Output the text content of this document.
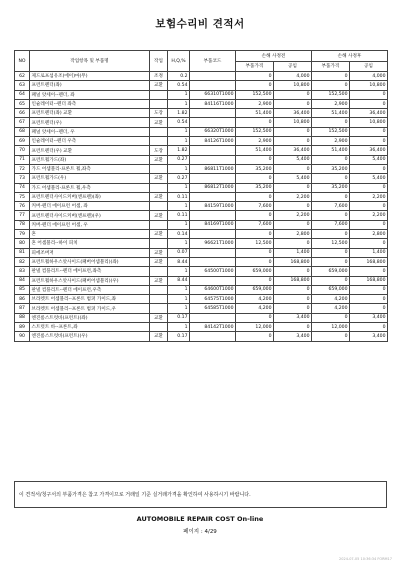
보험수리비 견적서
NO	작업항목 및 부품명	작업	H,Q,%	부품코드	손해 사정전		손해 사정후	
					부품가격	공임	부품가격	공임
62	제드로프섬유조(에이)마(무)	조정	0.2		0	4,000	0	4,000
63	프런트펜더(좌)	교환	0.54		0	10,800	0	10,800
64	패널 앗세이--펜더, 좌		1	66310T1000	152,500	0	152,500	0
65	인슐레이터--펜더 좌측		1	84116T1000	2,900	0	2,900	0
66	프런트펜더(좌) 교환	도장	1.82		51,400	36,400	51,400	36,400
67	프런트펜더(우)	교환	0.54		0	10,800	0	10,800
68	패널 앗세이--펜더, 우		1	66320T1000	152,500	0	152,500	0
69	인슐레이터--펜더 우측		1	84126T1000	2,900	0	2,900	0
70	프런트펜더(우) 교환	도장	1.82		51,400	36,400	51,400	36,400
71	프런트휠가드(좌)	교환	0.27		0	5,400	0	5,400
72	가드 어셈블리-프론트 휠,좌측		1	86811T1000	35,200	0	35,200	0
73	프런트휠가드(우)	교환	0.27		0	5,400	0	5,400
74	가드 어셈블리-프론트 휠,우측		1	86812T1000	35,200	0	35,200	0
75	프런트펜더사이드커버(앤프렌)(좌)	교환	0.11		0	2,200	0	2,200
76	커버-펜더 에이프런 어셈, 좌		1	84159T1000	7,600	0	7,600	0
77	프런트펜더사이드커버(앤프렌)(우)	교환	0.11		0	2,200	0	2,200
78	커버-펜더 에이프런 어셈, 우		1	84169T1000	7,600	0	7,600	0
79	혼	교환	0.14		0	2,800	0	2,800
80	혼 어셈블리--하이 피치		1	96621T1000	12,500	0	12,500	0
81	피에조버저	교환	0.07		0	1,400	0	1,400
82	프런트휠하우스앗사이드(패버어셈블리)(좌)	교환	8.44		0	168,800	0	168,800
83	판넬 컴플리트--펜더 에이프런,좌측		1	64500T1000	659,000	0	659,000	0
84	프런트휠하우스앗사이드(패버어셈블리)(우)	교환	8.44		0	168,800	0	168,800
85	판넬 컴플리트--펜더 에이프런,우측		1	64600T1000	659,000	0	659,000	0
86	브라켓트 어셈블리--프론트 범퍼 가이드,좌		1	64575T1000	4,200	0	4,200	0
87	브라켓트 어셈블리--프론트 범퍼 가이드,우		1	64585T1000	4,200	0	4,200	0
88	엔진룸스트럿바(프런트)(좌)	교환	0.17		0	3,400	0	3,400
89	스트럿트 바--프론트,좌		1	84142T1000	12,000	0	12,000	0
90	엔진룸스트럿바(프런트)(우)	교환	0.17		0	3,400	0	3,400
이 견적서/청구서의 부품가격은 참고 가격이므로 거래일 기준 실거래가격을 확인하여 사용하시기 바랍니다.
AUTOMOBILE REPAIR COST On-line
페이지 : 4/29
2024-07-05 10:36:34 FORM17
